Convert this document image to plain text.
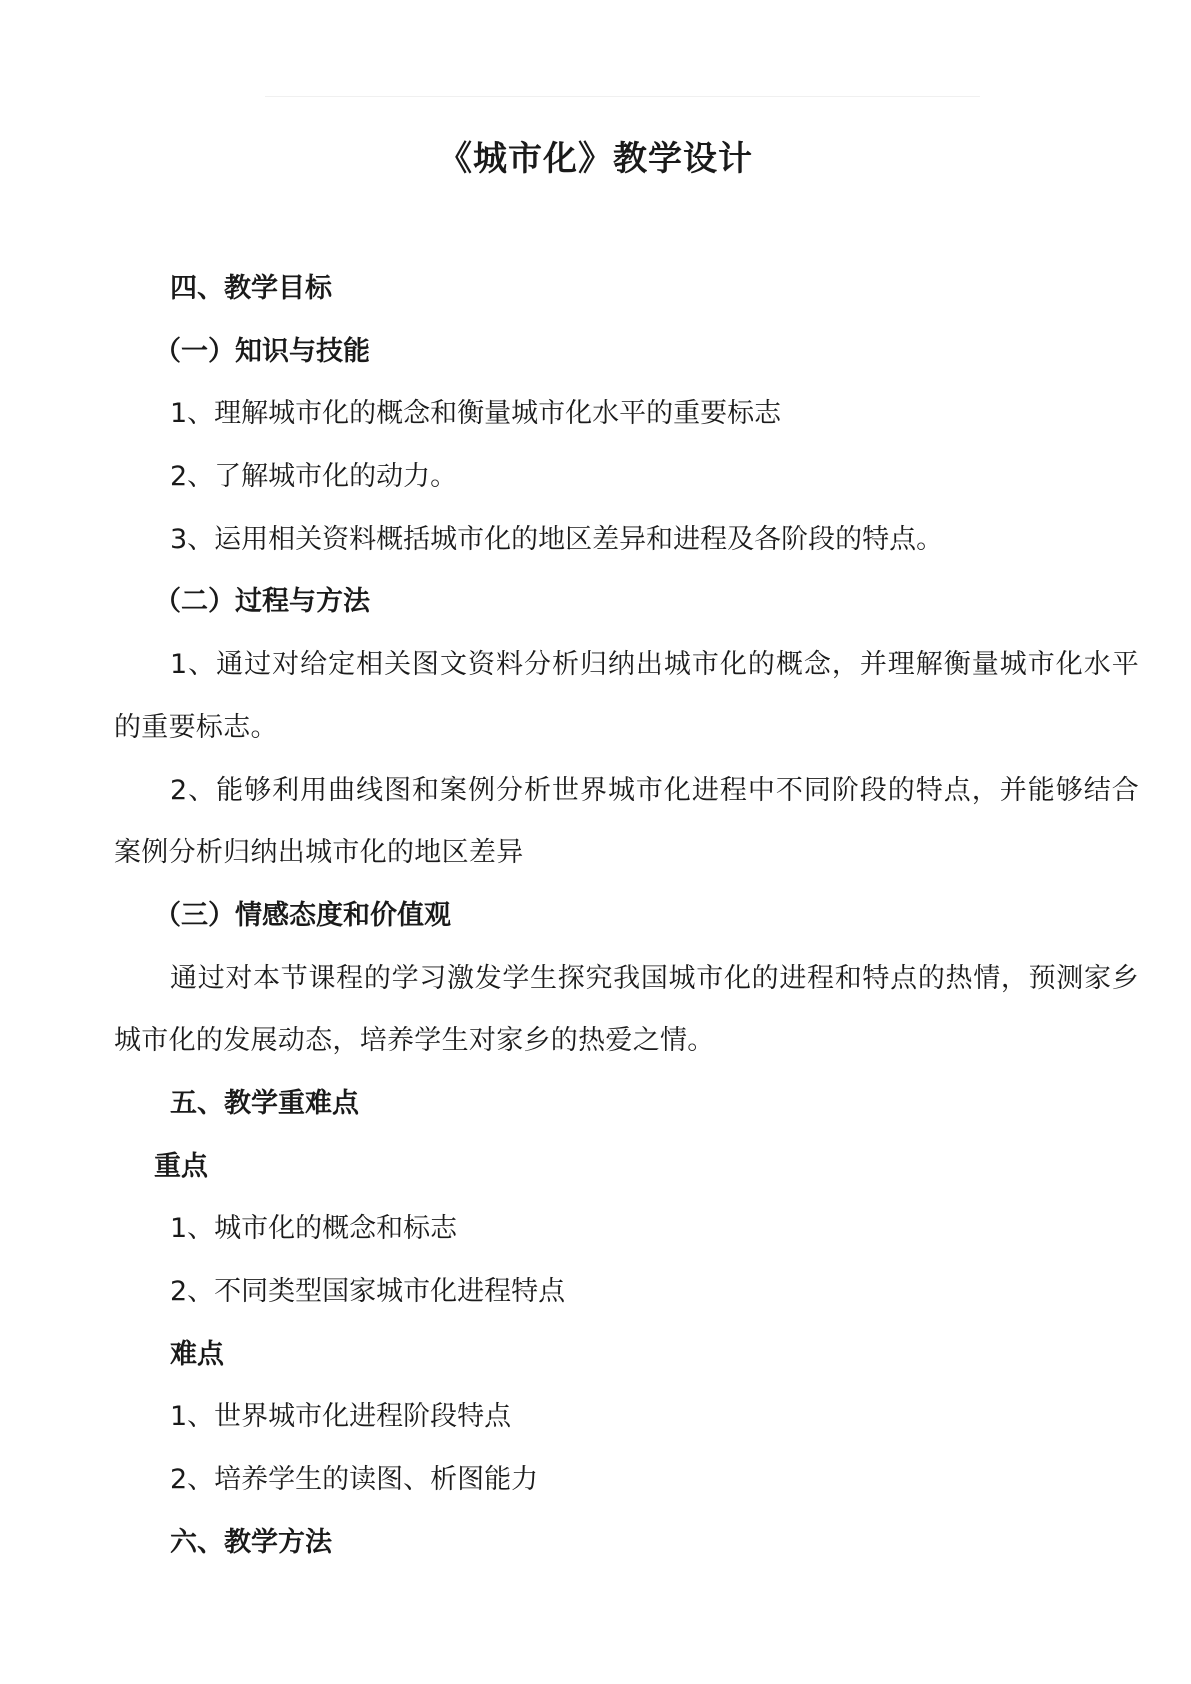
《城市化》教学设计
四、教学目标
（一）知识与技能
1、理解城市化的概念和衡量城市化水平的重要标志
2、了解城市化的动力。
3、运用相关资料概括城市化的地区差异和进程及各阶段的特点。
（二）过程与方法
1、通过对给定相关图文资料分析归纳出城市化的概念，并理解衡量城市化水平的重要标志。
2、能够利用曲线图和案例分析世界城市化进程中不同阶段的特点，并能够结合案例分析归纳出城市化的地区差异
（三）情感态度和价值观
通过对本节课程的学习激发学生探究我国城市化的进程和特点的热情，预测家乡城市化的发展动态，培养学生对家乡的热爱之情。
五、教学重难点
重点
1、城市化的概念和标志
2、不同类型国家城市化进程特点
难点
1、世界城市化进程阶段特点
2、培养学生的读图、析图能力
六、教学方法
